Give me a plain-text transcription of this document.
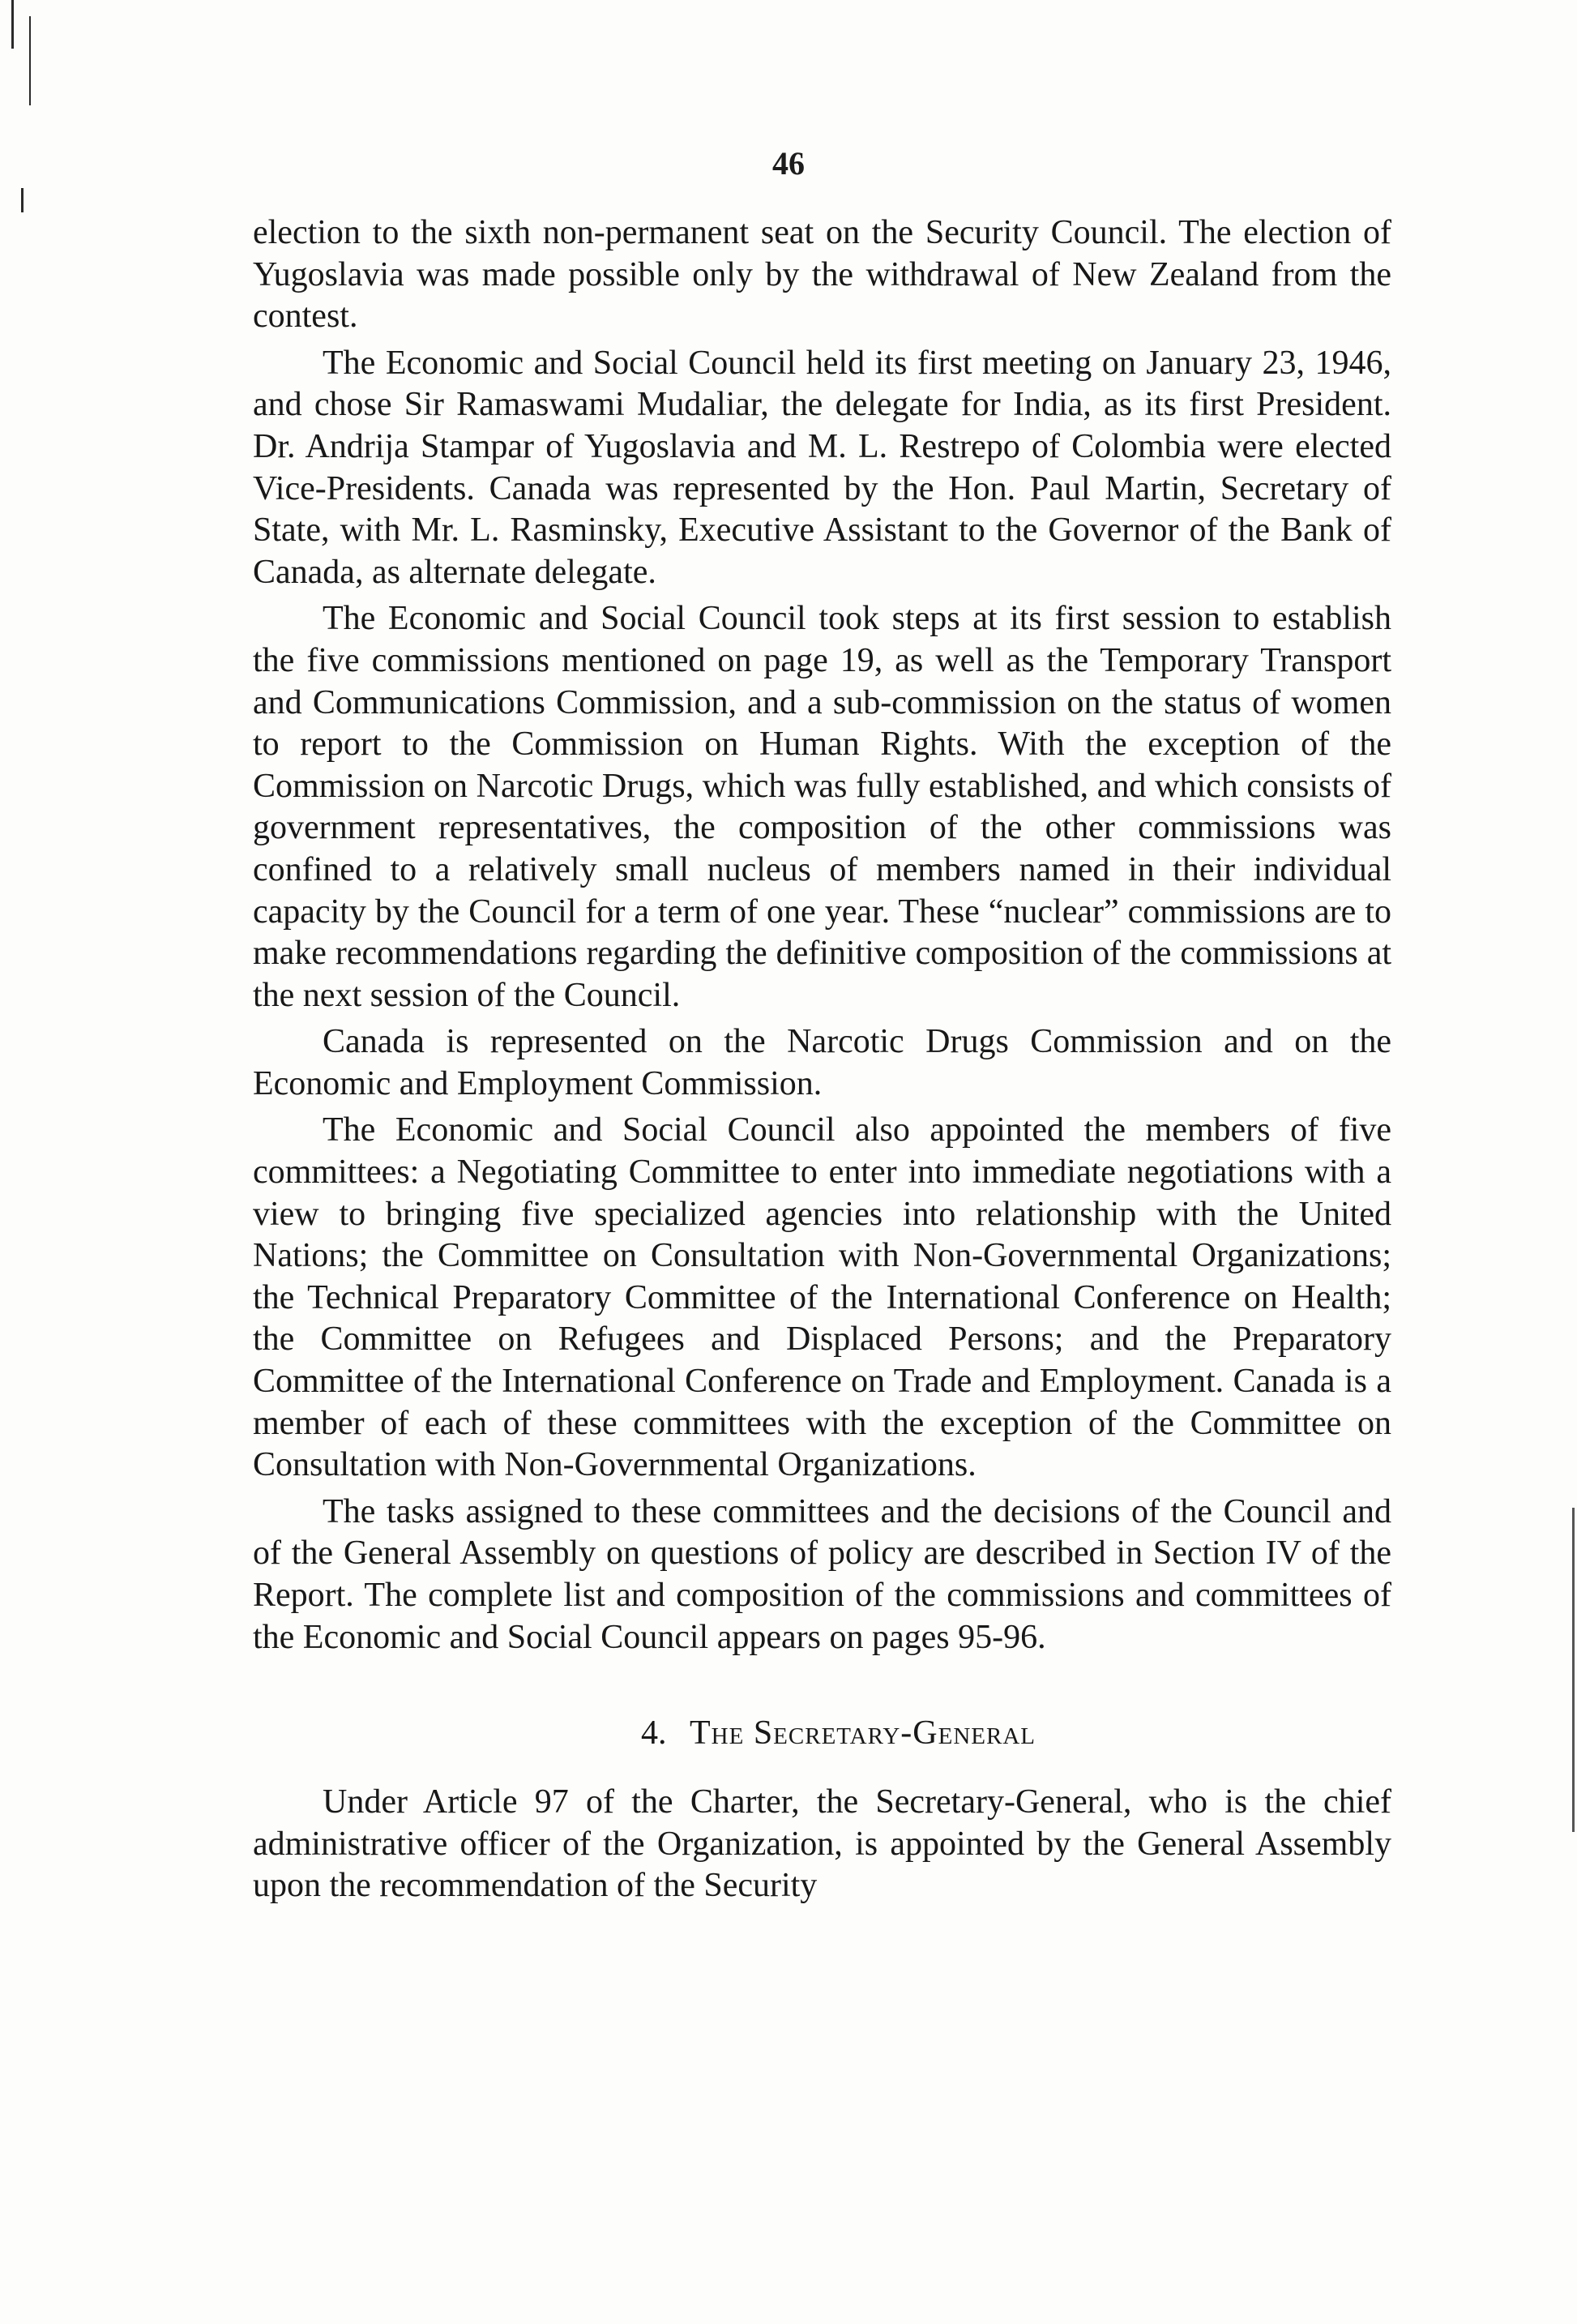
46

election to the sixth non-permanent seat on the Security Council. The election of Yugoslavia was made possible only by the withdrawal of New Zealand from the contest.

The Economic and Social Council held its first meeting on January 23, 1946, and chose Sir Ramaswami Mudaliar, the delegate for India, as its first President. Dr. Andrija Stampar of Yugoslavia and M. L. Restrepo of Colombia were elected Vice-Presidents. Canada was represented by the Hon. Paul Martin, Secretary of State, with Mr. L. Rasminsky, Executive Assistant to the Governor of the Bank of Canada, as alternate delegate.

The Economic and Social Council took steps at its first session to establish the five commissions mentioned on page 19, as well as the Temporary Transport and Communications Commission, and a sub-commission on the status of women to report to the Commission on Human Rights. With the exception of the Commission on Narcotic Drugs, which was fully established, and which consists of government representatives, the composition of the other commissions was confined to a relatively small nucleus of members named in their individual capacity by the Council for a term of one year. These “nuclear” commissions are to make recommendations regarding the definitive composition of the commissions at the next session of the Council.

Canada is represented on the Narcotic Drugs Commission and on the Economic and Employment Commission.

The Economic and Social Council also appointed the members of five committees: a Negotiating Committee to enter into immediate negotiations with a view to bringing five specialized agencies into relationship with the United Nations; the Committee on Consultation with Non-Governmental Organizations; the Technical Preparatory Committee of the International Conference on Health; the Committee on Refugees and Displaced Persons; and the Preparatory Committee of the International Conference on Trade and Employment. Canada is a member of each of these committees with the exception of the Committee on Consultation with Non-Governmental Organizations.

The tasks assigned to these committees and the decisions of the Council and of the General Assembly on questions of policy are described in Section IV of the Report. The complete list and composition of the commissions and committees of the Economic and Social Council appears on pages 95-96.

4. The Secretary-General

Under Article 97 of the Charter, the Secretary-General, who is the chief administrative officer of the Organization, is appointed by the General Assembly upon the recommendation of the Security
